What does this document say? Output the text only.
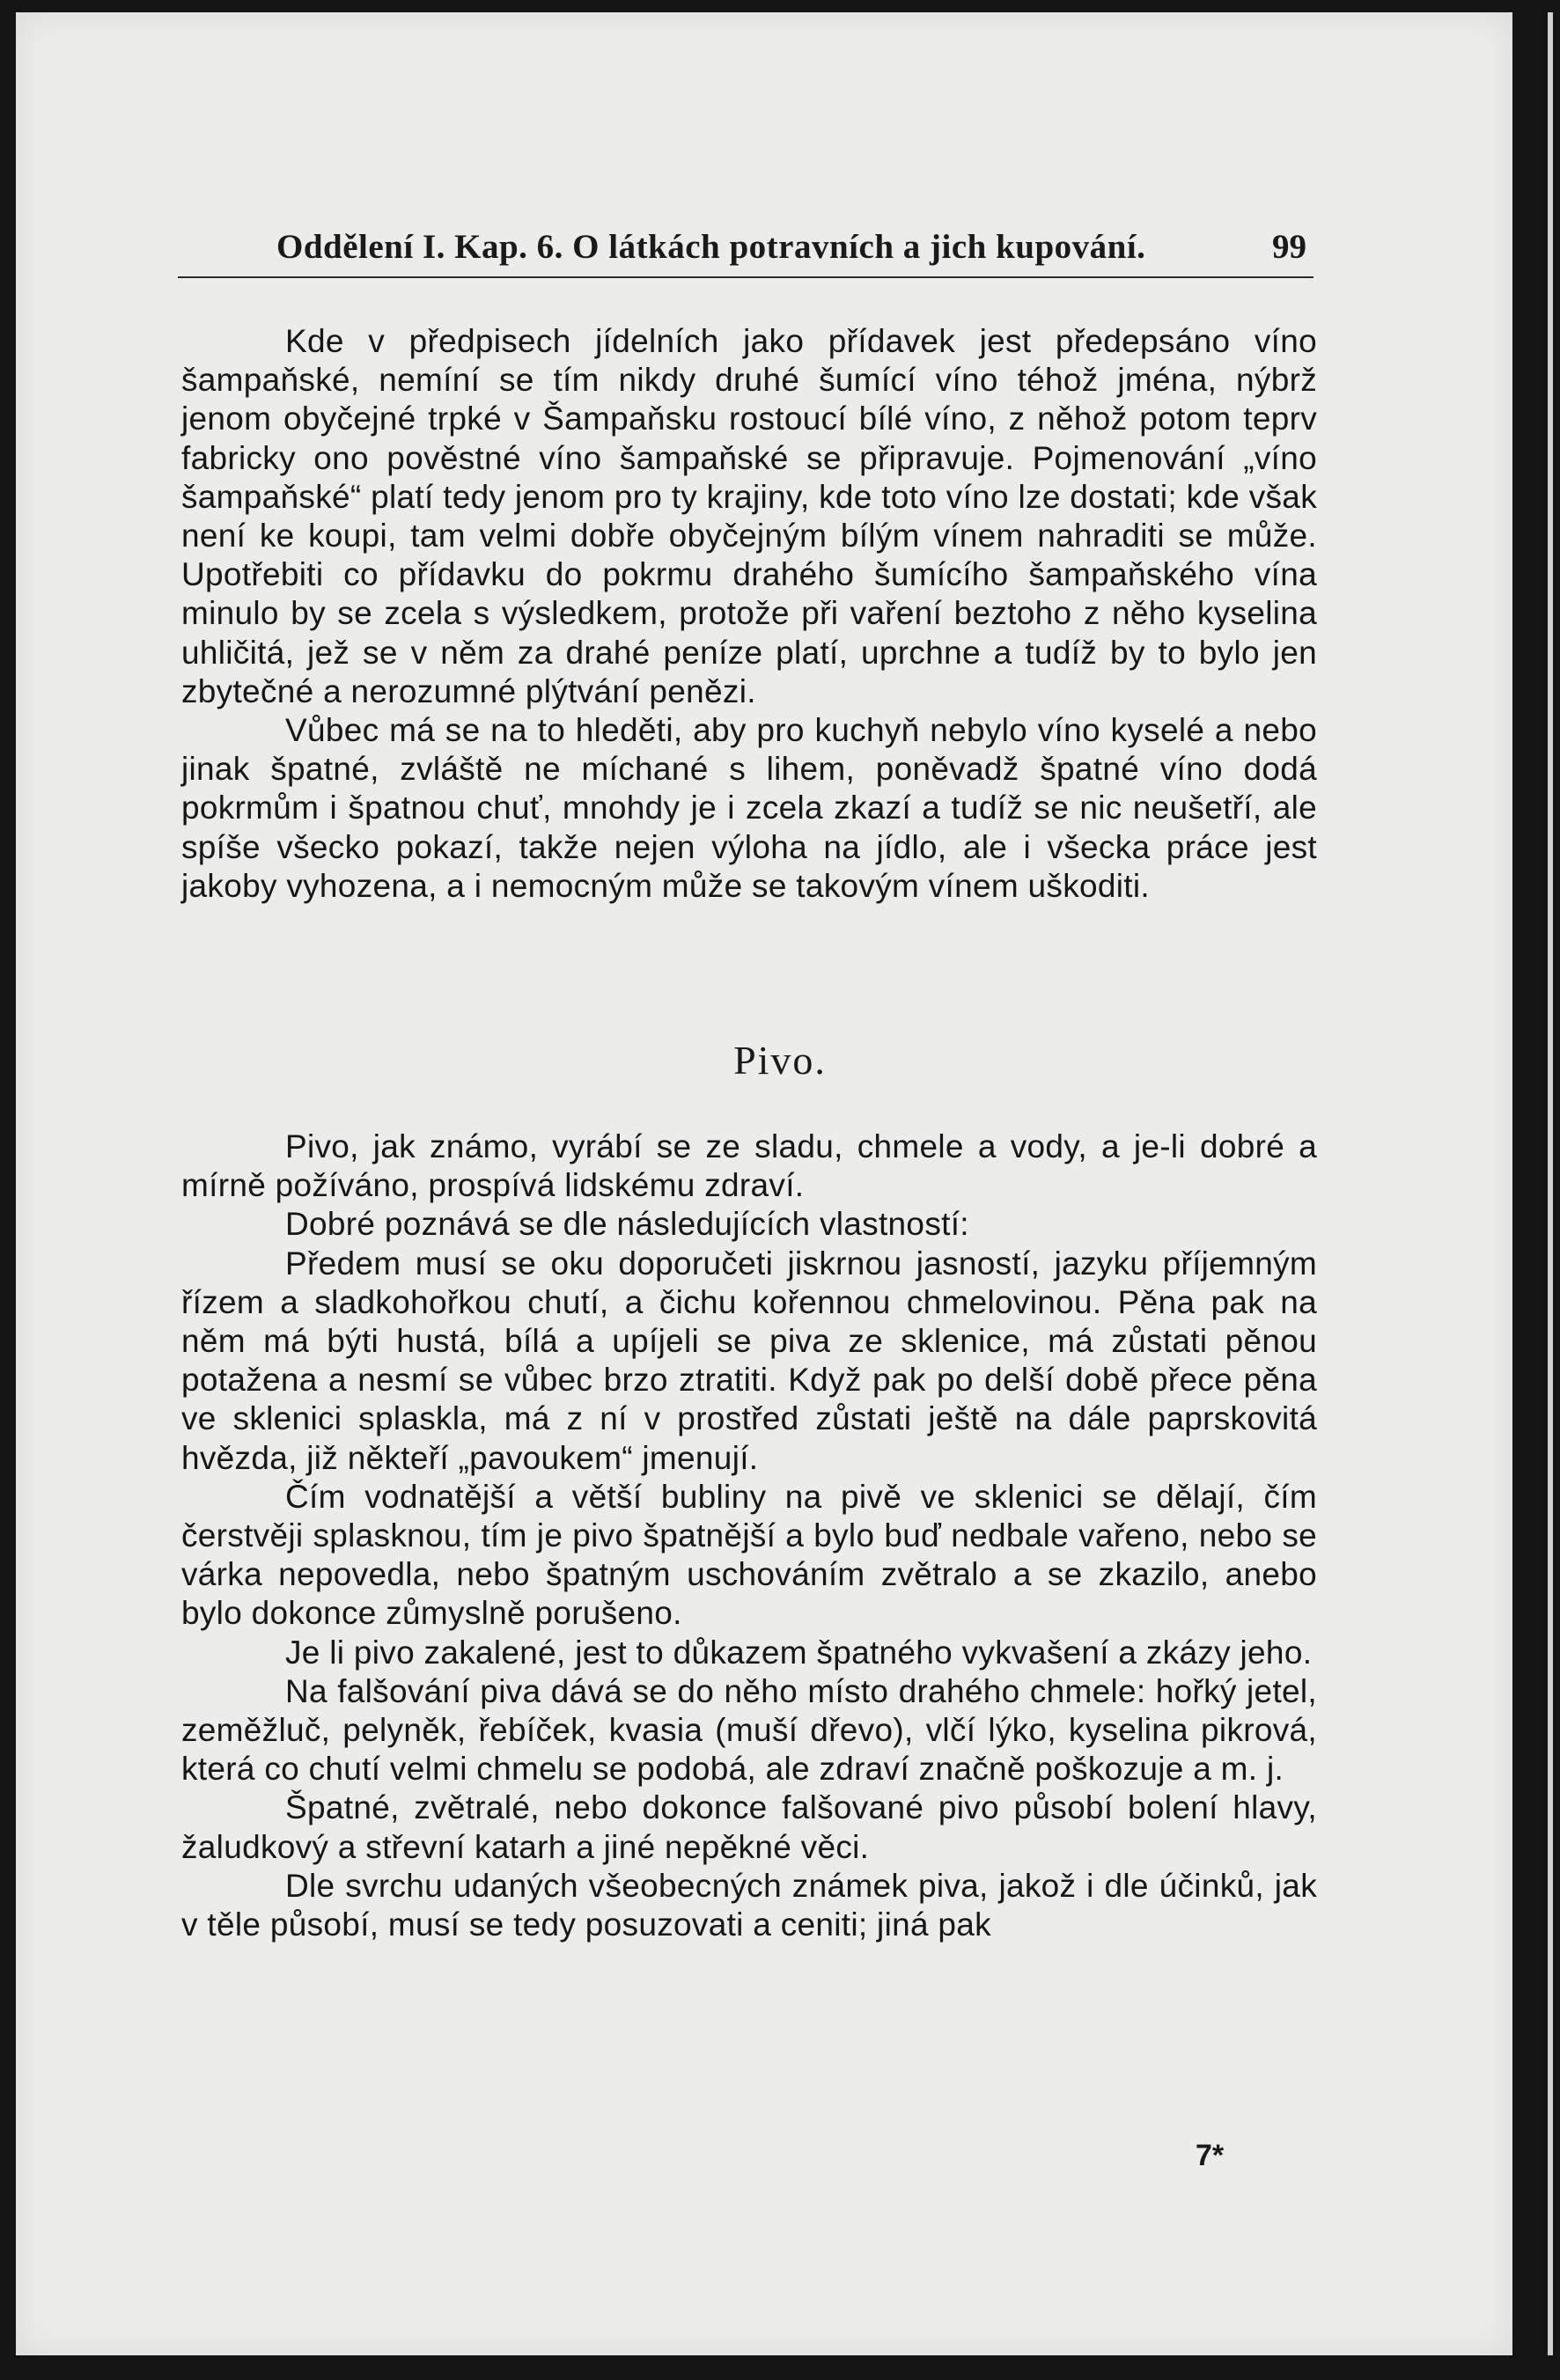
Oddělení I. Kap. 6. O látkách potravních a jich kupování.	99

Kde v předpisech jídelních jako přídavek jest předepsáno víno šampaňské, nemíní se tím nikdy druhé šumící víno téhož jména, nýbrž jenom obyčejné trpké v Šampaňsku rostoucí bílé víno, z něhož potom teprv fabricky ono pověstné víno šampaňské se připravuje. Pojmenování „víno šampaňské“ platí tedy jenom pro ty krajiny, kde toto víno lze dostati; kde však není ke koupi, tam velmi dobře obyčejným bílým vínem nahraditi se může. Upotřebiti co přídavku do pokrmu drahého šumícího šampaňského vína minulo by se zcela s výsledkem, protože při vaření beztoho z něho kyselina uhličitá, jež se v něm za drahé peníze platí, uprchne a tudíž by to bylo jen zbytečné a nerozumné plýtvání penězi.

Vůbec má se na to hleděti, aby pro kuchyň nebylo víno kyselé a nebo jinak špatné, zvláště ne míchané s lihem, poněvadž špatné víno dodá pokrmům i špatnou chuť, mnohdy je i zcela zkazí a tudíž se nic neušetří, ale spíše všecko pokazí, takže nejen výloha na jídlo, ale i všecka práce jest jakoby vyhozena, a i nemocným může se takovým vínem uškoditi.

Pivo.

Pivo, jak známo, vyrábí se ze sladu, chmele a vody, a je-li dobré a mírně požíváno, prospívá lidskému zdraví.

Dobré poznává se dle následujících vlastností:

Předem musí se oku doporučeti jiskrnou jasností, jazyku příjemným řízem a sladkohořkou chutí, a čichu kořennou chmelovinou. Pěna pak na něm má býti hustá, bílá a upíjeli se piva ze sklenice, má zůstati pěnou potažena a nesmí se vůbec brzo ztratiti. Když pak po delší době přece pěna ve sklenici splaskla, má z ní v prostřed zůstati ještě na dále paprskovitá hvězda, již někteří „pavoukem“ jmenují.

Čím vodnatější a větší bubliny na pivě ve sklenici se dělají, čím čerstvěji splasknou, tím je pivo špatnější a bylo buď nedbale vařeno, nebo se várka nepovedla, nebo špatným uschováním zvětralo a se zkazilo, anebo bylo dokonce zůmyslně porušeno.

Je li pivo zakalené, jest to důkazem špatného vykvašení a zkázy jeho.

Na falšování piva dává se do něho místo drahého chmele: hořký jetel, zeměžluč, pelyněk, řebíček, kvasia (muší dřevo), vlčí lýko, kyselina pikrová, která co chutí velmi chmelu se podobá, ale zdraví značně poškozuje a m. j.

Špatné, zvětralé, nebo dokonce falšované pivo působí bolení hlavy, žaludkový a střevní katarh a jiné nepěkné věci.

Dle svrchu udaných všeobecných známek piva, jakož i dle účinků, jak v těle působí, musí se tedy posuzovati a ceniti; jiná pak

7*
